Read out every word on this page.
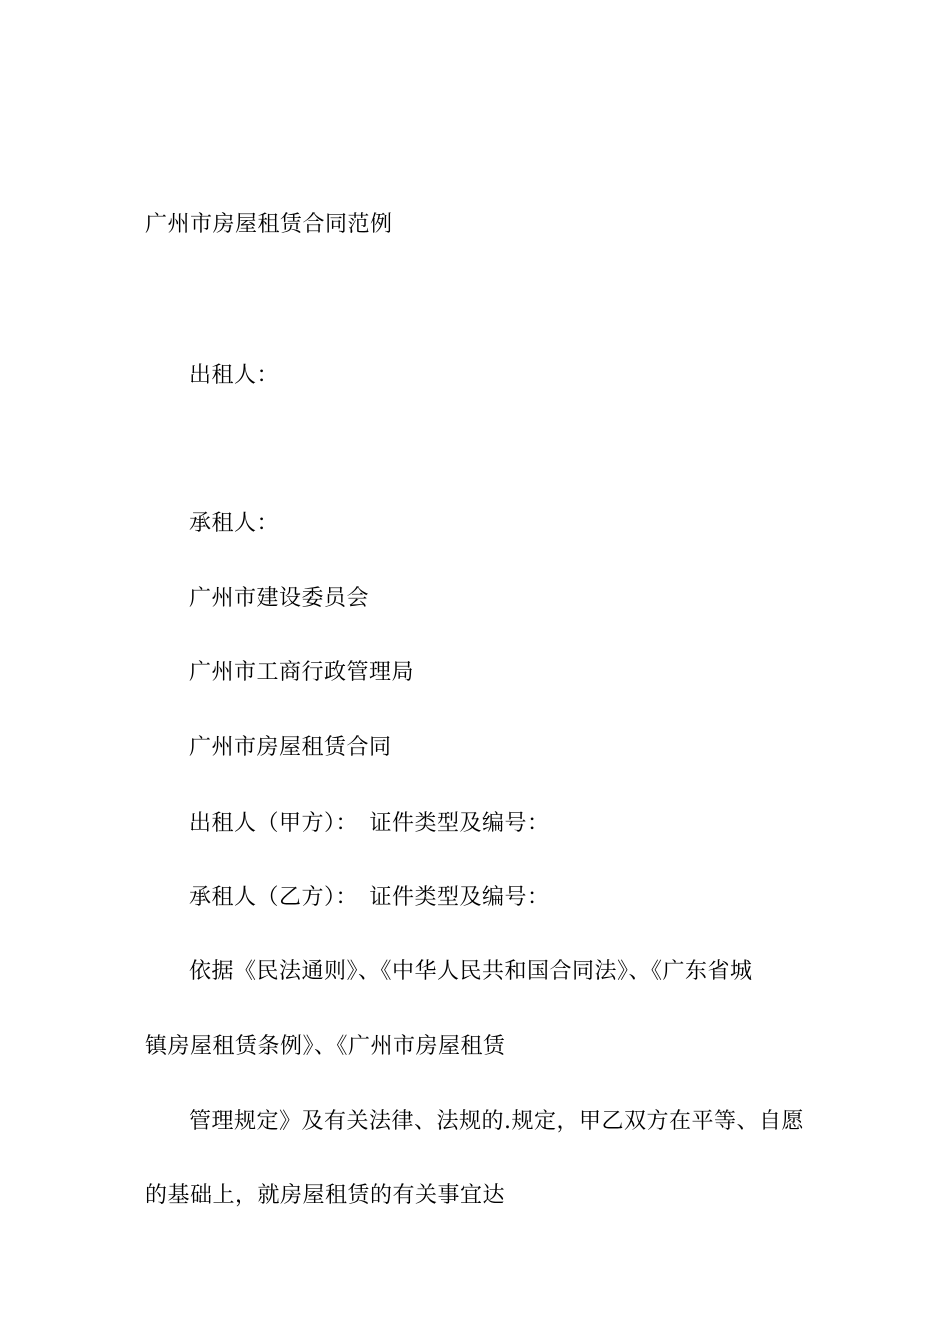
广州市房屋租赁合同范例
出租人：
承租人：
广州市建设委员会
广州市工商行政管理局
广州市房屋租赁合同
出租人（甲方）：　证件类型及编号：
承租人（乙方）：　证件类型及编号：
依据《民法通则》、《中华人民共和国合同法》、《广东省城
镇房屋租赁条例》、《广州市房屋租赁
管理规定》及有关法律、法规的.规定，甲乙双方在平等、自愿
的基础上，就房屋租赁的有关事宜达
